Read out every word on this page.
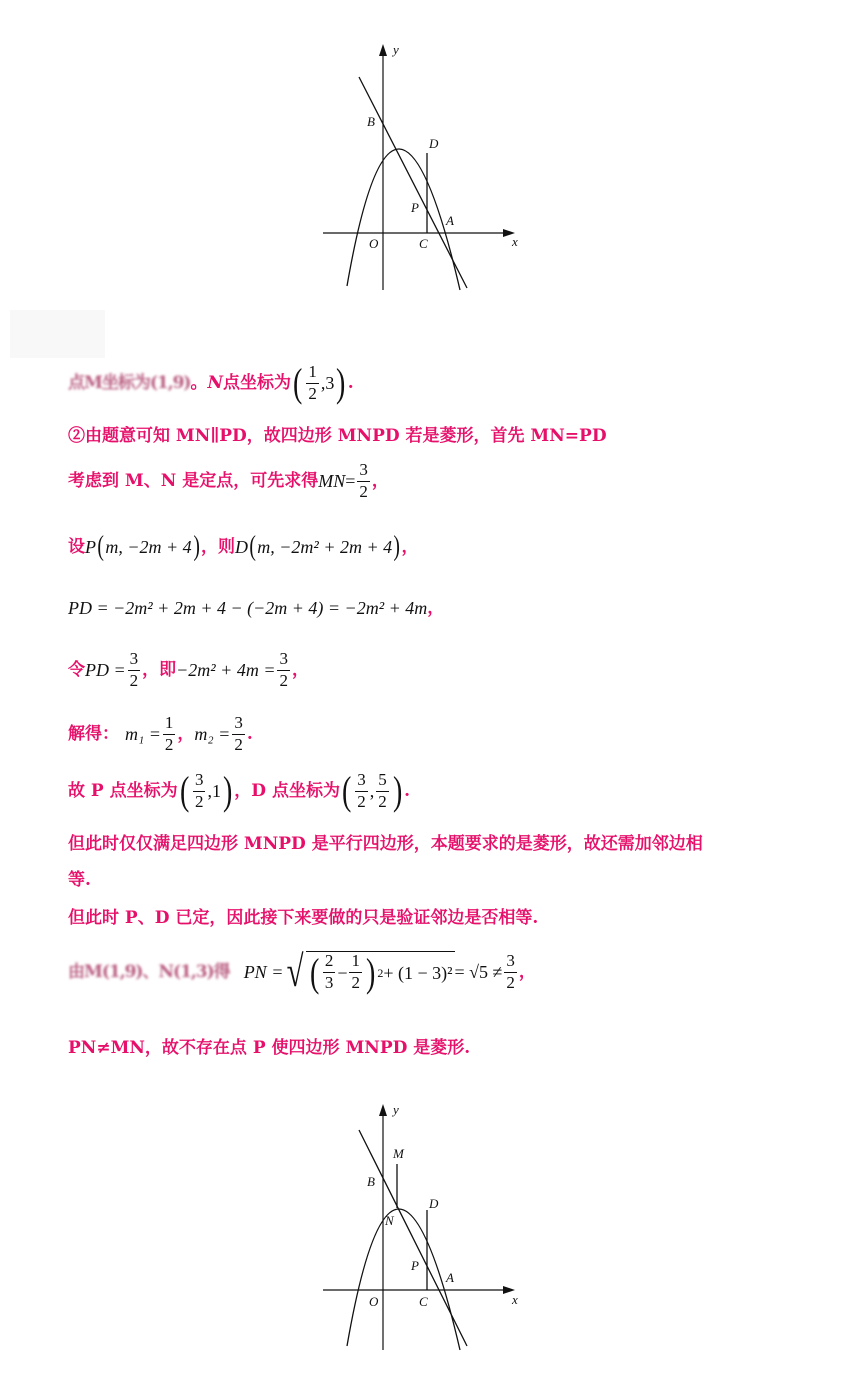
y
x
O
B
D
P
C
A
点M坐标为(1,9) 。 N 点坐标为 ( $\frac{1}{2}$ , 3 ) .
②由题意可知 MN∥PD，故四边形 MNPD 若是菱形，首先 MN=PD
考虑到 M、N 是定点，可先求得 MN = $\frac{3}{2}$ ，
设 P ( m, −2m + 4 ) ，则 D ( m, −2m² + 2m + 4 ) ，
PD = −2m² + 2m + 4 − (−2m + 4) = −2m² + 4m ，
令 PD = $\frac{3}{2}$ ，即 $-2m^2 + 4m = \frac{3}{2}$ ，
解得： $m_1 = \frac{1}{2}$ ， $m_2 = \frac{3}{2}$ .
故 P 点坐标为 ( $\frac{3}{2}$ , 1 ) ，D 点坐标为 ( $\frac{3}{2}$ , $\frac{5}{2}$ ) .
但此时仅仅满足四边形 MNPD 是平行四边形，本题要求的是菱形，故还需加邻边相
等.
但此时 P、D 已定，因此接下来要做的只是验证邻边是否相等.
由M(1,9)、N(1,3)得 PN = √ ( $\frac{2}{3} - \frac{1}{2}$ ) $2 + (1 - 3)^2 = √5 \ne \frac{3}{2}$ ，
PN≠MN，故不存在点 P 使四边形 MNPD 是菱形.
y
x
O
B
M
N
D
P
C
A
